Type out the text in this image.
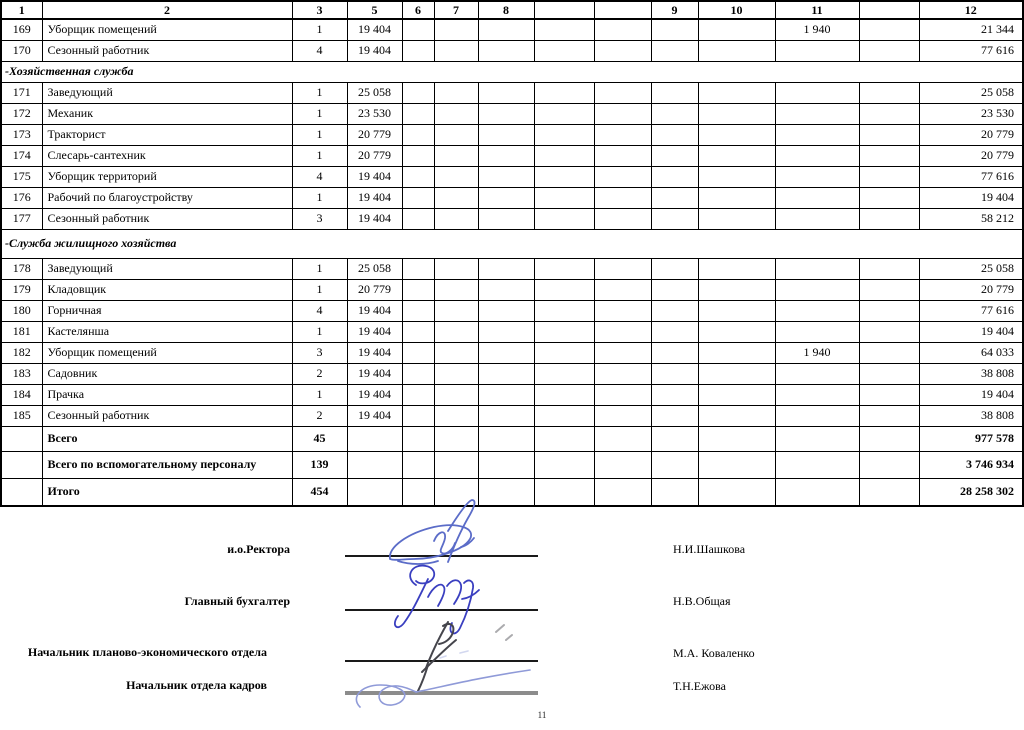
1	2	3	5	6	7	8			9	10	11		12
169	Уборщик помещений	1	19 404								1 940		21 344
170	Сезонный работник	4	19 404										77 616
-Хозяйственная служба													
171	Заведующий	1	25 058										25 058
172	Механик	1	23 530										23 530
173	Тракторист	1	20 779										20 779
174	Слесарь-сантехник	1	20 779										20 779
175	Уборщик территорий	4	19 404										77 616
176	Рабочий по благоустройству	1	19 404										19 404
177	Сезонный работник	3	19 404										58 212
-Служба жилищного хозяйства													
178	Заведующий	1	25 058										25 058
179	Кладовщик	1	20 779										20 779
180	Горничная	4	19 404										77 616
181	Кастелянша	1	19 404										19 404
182	Уборщик помещений	3	19 404								1 940		64 033
183	Садовник	2	19 404										38 808
184	Прачка	1	19 404										19 404
185	Сезонный работник	2	19 404										38 808
	Всего	45											977 578
	Всего по вспомогательному персоналу	139											3 746 934
	Итого	454											28 258 302
и.о.Ректора	Н.И.Шашкова
Главный бухгалтер	Н.В.Общая
Начальник планово-экономического отдела	М.А. Коваленко
Начальник отдела кадров	Т.Н.Ежова
11
